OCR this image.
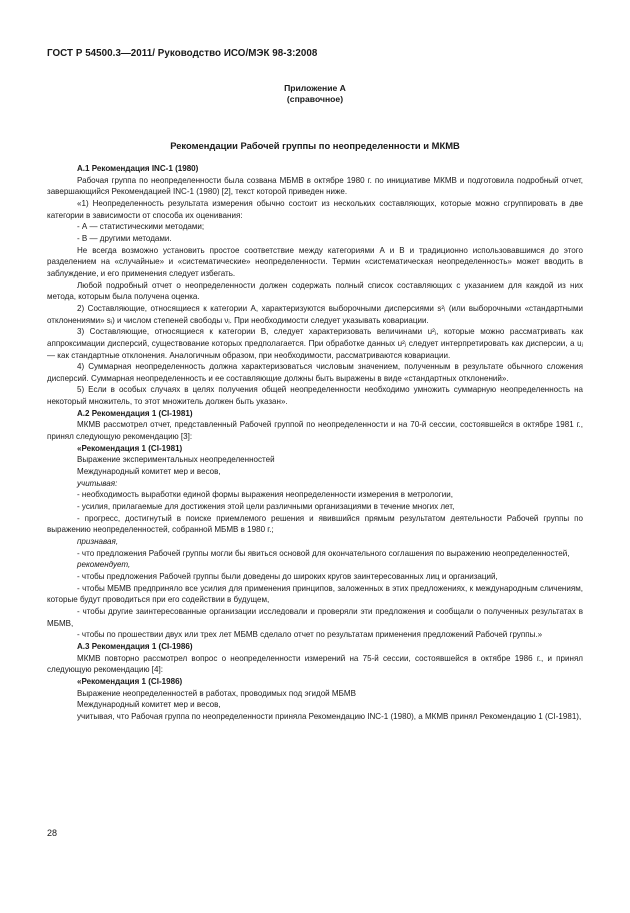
ГОСТ Р 54500.3—2011/ Руководство ИСО/МЭК 98-3:2008
Приложение А
(справочное)
Рекомендации Рабочей группы по неопределенности и МКМВ

А.1 Рекомендация INC-1 (1980)

Рабочая группа по неопределенности была созвана МБМВ в октябре 1980 г. по инициативе МКМВ и подготовила подробный отчет, завершающийся Рекомендацией INC-1 (1980) [2], текст которой приведен ниже.

«1) Неопределенность результата измерения обычно состоит из нескольких составляющих, которые можно сгруппировать в две категории в зависимости от способа их оценивания:

- А — статистическими методами;

- В — другими методами.

Не всегда возможно установить простое соответствие между категориями А и В и традиционно использовавшимся до этого разделением на «случайные» и «систематические» неопределенности. Термин «систематическая неопределенность» может вводить в заблуждение, и его применения следует избегать.

Любой подробный отчет о неопределенности должен содержать полный список составляющих с указанием для каждой из них метода, которым была получена оценка.

2) Составляющие, относящиеся к категории А, характеризуются выборочными дисперсиями s²ᵢ (или выборочными «стандартными отклонениями» sᵢ) и числом степеней свободы νᵢ. При необходимости следует указывать ковариации.

3) Составляющие, относящиеся к категории В, следует характеризовать величинами u²ⱼ, которые можно рассматривать как аппроксимации дисперсий, существование которых предполагается. При обработке данных u²ⱼ следует интерпретировать как дисперсии, а uⱼ — как стандартные отклонения. Аналогичным образом, при необходимости, рассматриваются ковариации.

4) Суммарная неопределенность должна характеризоваться числовым значением, полученным в результате обычного сложения дисперсий. Суммарная неопределенность и ее составляющие должны быть выражены в виде «стандартных отклонений».

5) Если в особых случаях в целях получения общей неопределенности необходимо умножить суммарную неопределенность на некоторый множитель, то этот множитель должен быть указан».

А.2 Рекомендация 1 (CI-1981)

МКМВ рассмотрел отчет, представленный Рабочей группой по неопределенности и на 70-й сессии, состоявшейся в октябре 1981 г., принял следующую рекомендацию [3]:

«Рекомендация 1 (CI-1981)

Выражение экспериментальных неопределенностей

Международный комитет мер и весов,

учитывая:

- необходимость выработки единой формы выражения неопределенности измерения в метрологии,

- усилия, прилагаемые для достижения этой цели различными организациями в течение многих лет,

- прогресс, достигнутый в поиске приемлемого решения и явившийся прямым результатом деятельности Рабочей группы по выражению неопределенностей, собранной МБМВ в 1980 г.;

признавая,

- что предложения Рабочей группы могли бы явиться основой для окончательного соглашения по выражению неопределенностей,

рекомендует,

- чтобы предложения Рабочей группы были доведены до широких кругов заинтересованных лиц и организаций,

- чтобы МБМВ предприняло все усилия для применения принципов, заложенных в этих предложениях, к международным сличениям, которые будут проводиться при его содействии в будущем,

- чтобы другие заинтересованные организации исследовали и проверяли эти предложения и сообщали о полученных результатах в МБМВ,

- чтобы по прошествии двух или трех лет МБМВ сделало отчет по результатам применения предложений Рабочей группы.»

А.3 Рекомендация 1 (CI-1986)

МКМВ повторно рассмотрел вопрос о неопределенности измерений на 75-й сессии, состоявшейся в октябре 1986 г., и принял следующую рекомендацию [4]:

«Рекомендация 1 (CI-1986)

Выражение неопределенностей в работах, проводимых под эгидой МБМВ

Международный комитет мер и весов,

учитывая, что Рабочая группа по неопределенности приняла Рекомендацию INC-1 (1980), а МКМВ принял Рекомендацию 1 (CI-1981),

28
